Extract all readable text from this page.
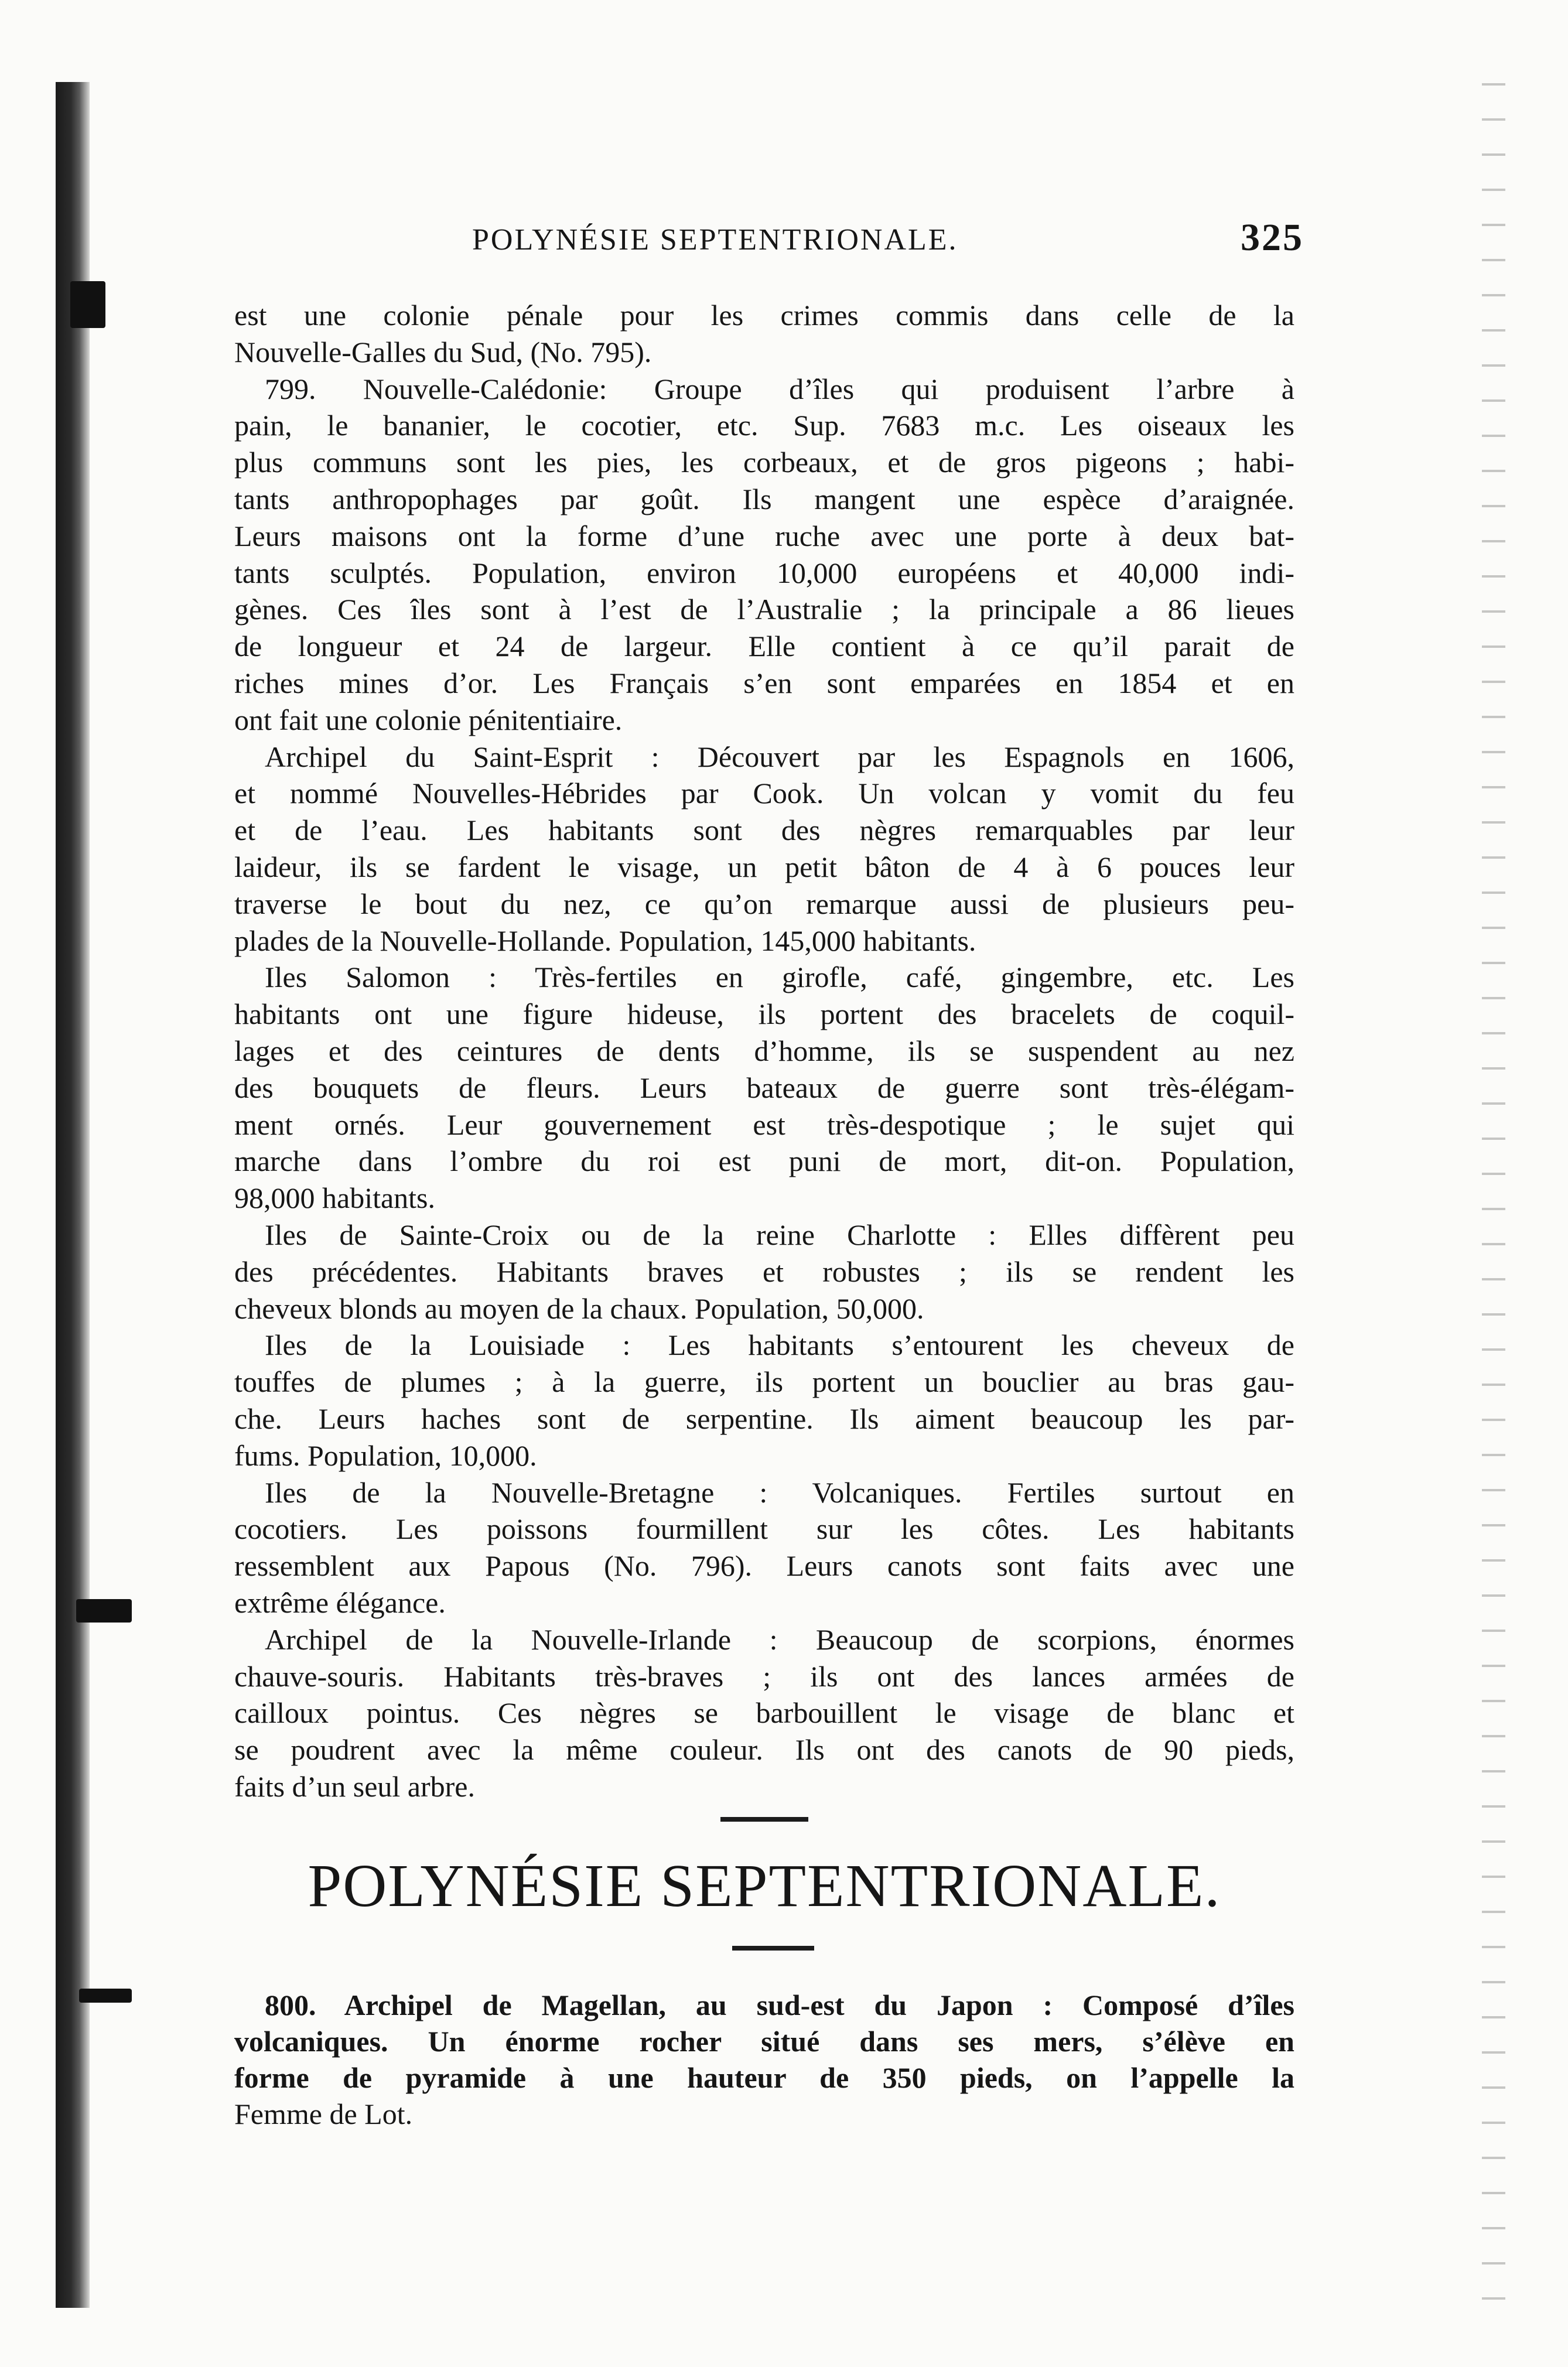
POLYNÉSIE SEPTENTRIONALE.	325
est une colonie pénale pour les crimes commis dans celle de la
Nouvelle-Galles du Sud, (No. 795).
799. Nouvelle-Calédonie: Groupe d’îles qui produisent l’arbre à
pain, le bananier, le cocotier, etc. Sup. 7683 m.c. Les oiseaux les
plus communs sont les pies, les corbeaux, et de gros pigeons ; habi-
tants anthropophages par goût. Ils mangent une espèce d’araignée.
Leurs maisons ont la forme d’une ruche avec une porte à deux bat-
tants sculptés. Population, environ 10,000 européens et 40,000 indi-
gènes. Ces îles sont à l’est de l’Australie ; la principale a 86 lieues
de longueur et 24 de largeur. Elle contient à ce qu’il parait de
riches mines d’or. Les Français s’en sont emparées en 1854 et en
ont fait une colonie pénitentiaire.
Archipel du Saint-Esprit : Découvert par les Espagnols en 1606,
et nommé Nouvelles-Hébrides par Cook. Un volcan y vomit du feu
et de l’eau. Les habitants sont des nègres remarquables par leur
laideur, ils se fardent le visage, un petit bâton de 4 à 6 pouces leur
traverse le bout du nez, ce qu’on remarque aussi de plusieurs peu-
plades de la Nouvelle-Hollande. Population, 145,000 habitants.
Iles Salomon : Très-fertiles en girofle, café, gingembre, etc. Les
habitants ont une figure hideuse, ils portent des bracelets de coquil-
lages et des ceintures de dents d’homme, ils se suspendent au nez
des bouquets de fleurs. Leurs bateaux de guerre sont très-élégam-
ment ornés. Leur gouvernement est très-despotique ; le sujet qui
marche dans l’ombre du roi est puni de mort, dit-on. Population,
98,000 habitants.
Iles de Sainte-Croix ou de la reine Charlotte : Elles diffèrent peu
des précédentes. Habitants braves et robustes ; ils se rendent les
cheveux blonds au moyen de la chaux. Population, 50,000.
Iles de la Louisiade : Les habitants s’entourent les cheveux de
touffes de plumes ; à la guerre, ils portent un bouclier au bras gau-
che. Leurs haches sont de serpentine. Ils aiment beaucoup les par-
fums. Population, 10,000.
Iles de la Nouvelle-Bretagne : Volcaniques. Fertiles surtout en
cocotiers. Les poissons fourmillent sur les côtes. Les habitants
ressemblent aux Papous (No. 796). Leurs canots sont faits avec une
extrême élégance.
Archipel de la Nouvelle-Irlande : Beaucoup de scorpions, énormes
chauve-souris. Habitants très-braves ; ils ont des lances armées de
cailloux pointus. Ces nègres se barbouillent le visage de blanc et
se poudrent avec la même couleur. Ils ont des canots de 90 pieds,
faits d’un seul arbre.
POLYNÉSIE SEPTENTRIONALE.
800. Archipel de Magellan, au sud-est du Japon : Composé d’îles
volcaniques. Un énorme rocher situé dans ses mers, s’élève en
forme de pyramide à une hauteur de 350 pieds, on l’appelle la
Femme de Lot.
